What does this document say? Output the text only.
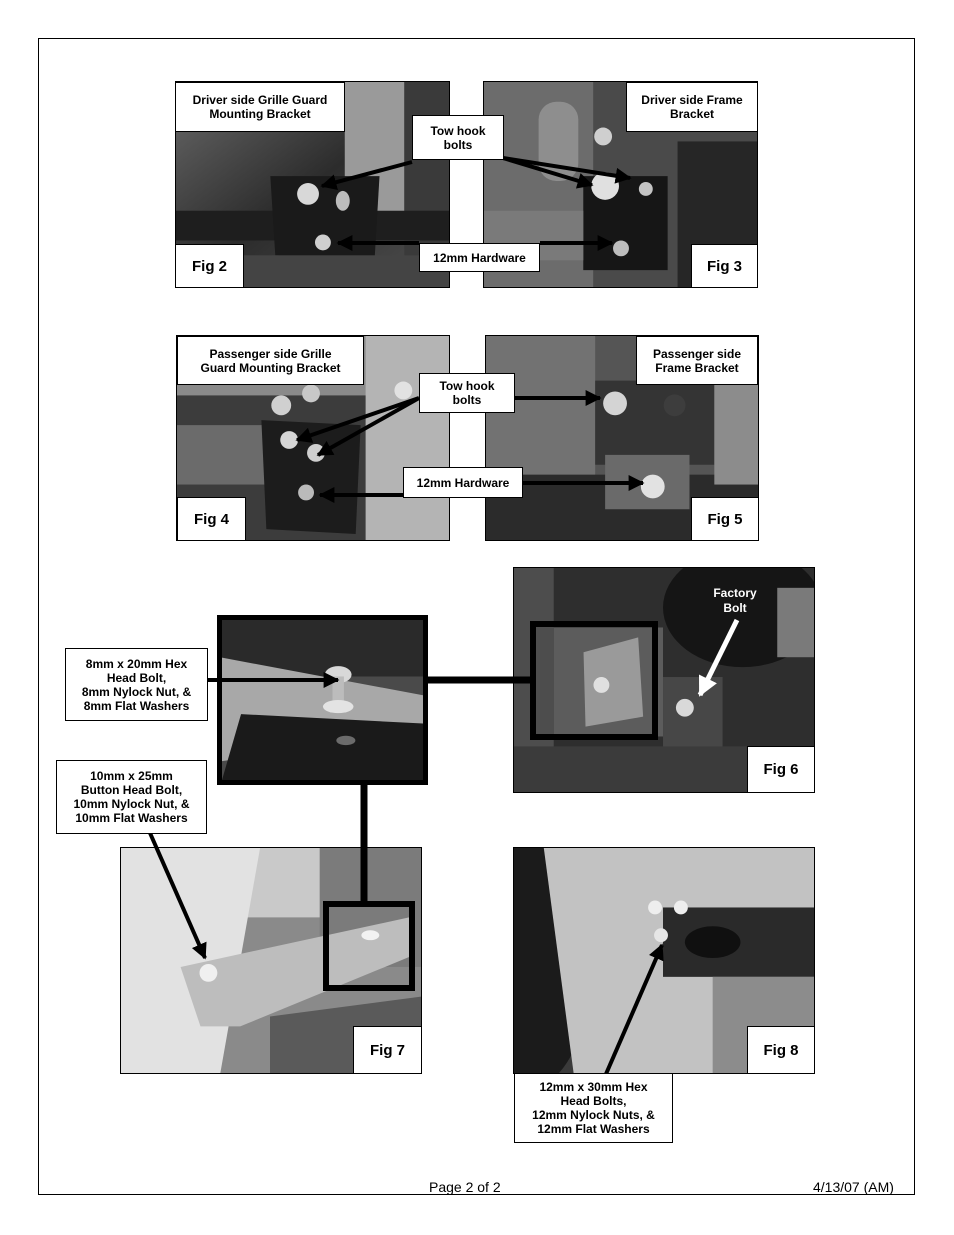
Driver side Grille Guard
Mounting Bracket
Driver side Frame
Bracket
Tow hook
bolts
12mm Hardware
Passenger side Grille
Guard Mounting Bracket
Passenger side
Frame Bracket
Tow hook
bolts
12mm Hardware
8mm x 20mm Hex
Head Bolt,
8mm Nylock Nut, &
8mm Flat Washers
10mm x 25mm
Button Head Bolt,
10mm Nylock Nut, &
10mm Flat Washers
12mm x 30mm Hex
Head Bolts,
12mm Nylock Nuts, &
12mm Flat Washers
Factory
Bolt
Fig 2	Fig 3
Fig 4	Fig 5
Fig 6
Fig 7	Fig 8
Page 2 of 2	4/13/07 (AM)
